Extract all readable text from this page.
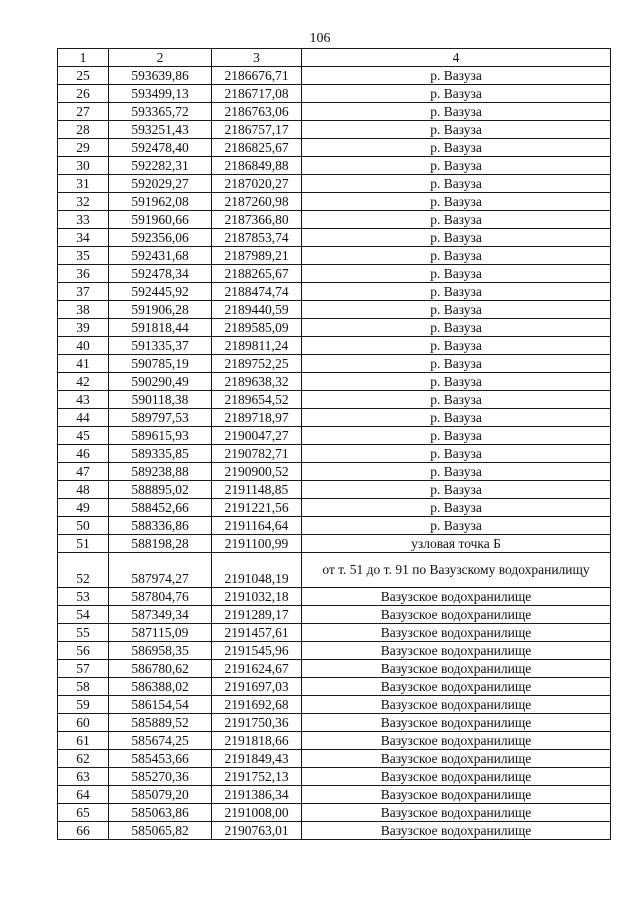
106
1	2	3	4
25	593639,86	2186676,71	р. Вазуза
26	593499,13	2186717,08	р. Вазуза
27	593365,72	2186763,06	р. Вазуза
28	593251,43	2186757,17	р. Вазуза
29	592478,40	2186825,67	р. Вазуза
30	592282,31	2186849,88	р. Вазуза
31	592029,27	2187020,27	р. Вазуза
32	591962,08	2187260,98	р. Вазуза
33	591960,66	2187366,80	р. Вазуза
34	592356,06	2187853,74	р. Вазуза
35	592431,68	2187989,21	р. Вазуза
36	592478,34	2188265,67	р. Вазуза
37	592445,92	2188474,74	р. Вазуза
38	591906,28	2189440,59	р. Вазуза
39	591818,44	2189585,09	р. Вазуза
40	591335,37	2189811,24	р. Вазуза
41	590785,19	2189752,25	р. Вазуза
42	590290,49	2189638,32	р. Вазуза
43	590118,38	2189654,52	р. Вазуза
44	589797,53	2189718,97	р. Вазуза
45	589615,93	2190047,27	р. Вазуза
46	589335,85	2190782,71	р. Вазуза
47	589238,88	2190900,52	р. Вазуза
48	588895,02	2191148,85	р. Вазуза
49	588452,66	2191221,56	р. Вазуза
50	588336,86	2191164,64	р. Вазуза
51	588198,28	2191100,99	узловая точка Б
52	587974,27	2191048,19	от т. 51 до т. 91 по Вазузскому водохранилищу
53	587804,76	2191032,18	Вазузское водохранилище
54	587349,34	2191289,17	Вазузское водохранилище
55	587115,09	2191457,61	Вазузское водохранилище
56	586958,35	2191545,96	Вазузское водохранилище
57	586780,62	2191624,67	Вазузское водохранилище
58	586388,02	2191697,03	Вазузское водохранилище
59	586154,54	2191692,68	Вазузское водохранилище
60	585889,52	2191750,36	Вазузское водохранилище
61	585674,25	2191818,66	Вазузское водохранилище
62	585453,66	2191849,43	Вазузское водохранилище
63	585270,36	2191752,13	Вазузское водохранилище
64	585079,20	2191386,34	Вазузское водохранилище
65	585063,86	2191008,00	Вазузское водохранилище
66	585065,82	2190763,01	Вазузское водохранилище
